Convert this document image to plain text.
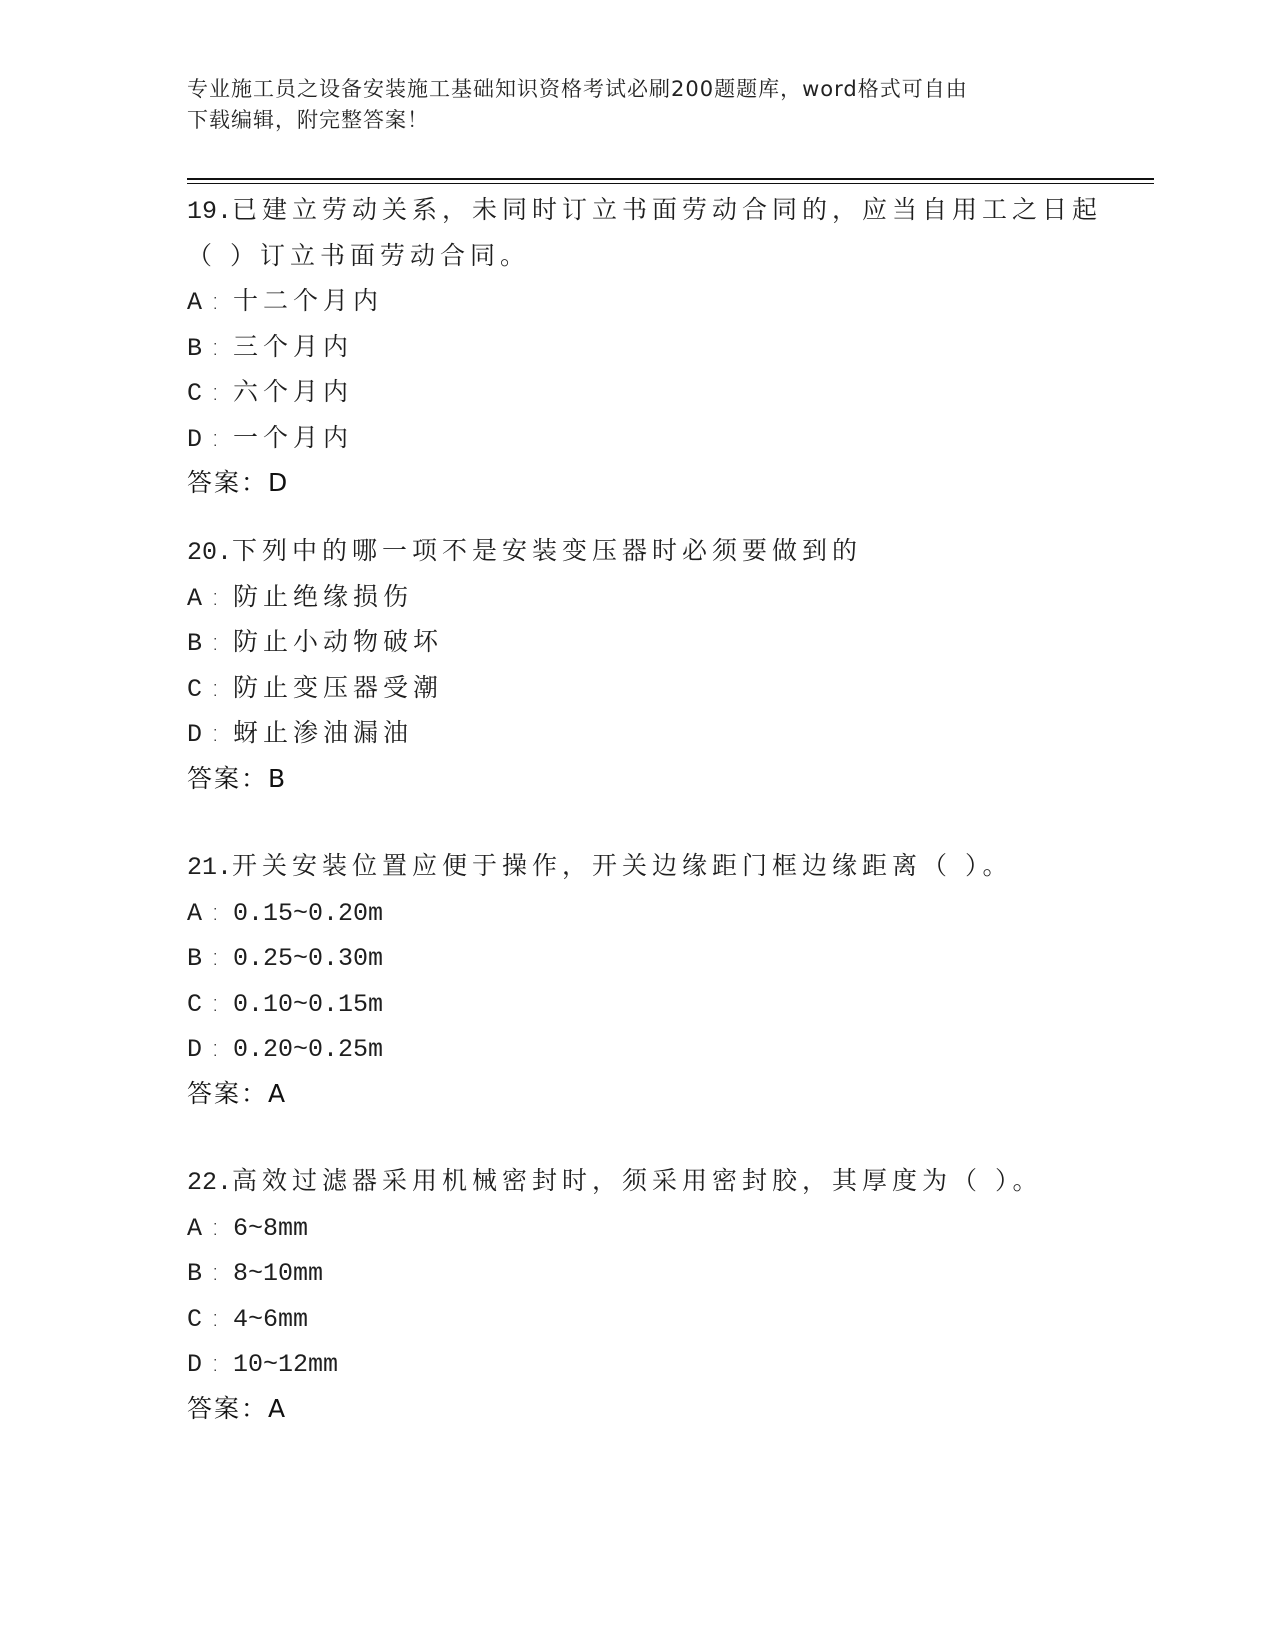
专业施工员之设备安装施工基础知识资格考试必刷200题题库，word格式可自由
下载编辑，附完整答案！
19.已建立劳动关系，未同时订立书面劳动合同的，应当自用工之日起
（ ）订立书面劳动合同。
A : 十二个月内
B : 三个月内
C : 六个月内
D : 一个月内
答案：D
20.下列中的哪一项不是安装变压器时必须要做到的
A : 防止绝缘损伤
B : 防止小动物破坏
C : 防止变压器受潮
D : 蚜止渗油漏油
答案：B
21.开关安装位置应便于操作，开关边缘距门框边缘距离（ ）。
A : 0.15~0.20m
B : 0.25~0.30m
C : 0.10~0.15m
D : 0.20~0.25m
答案：A
22.高效过滤器采用机械密封时，须采用密封胶，其厚度为（ ）。
A : 6~8mm
B : 8~10mm
C : 4~6mm
D : 10~12mm
答案：A
